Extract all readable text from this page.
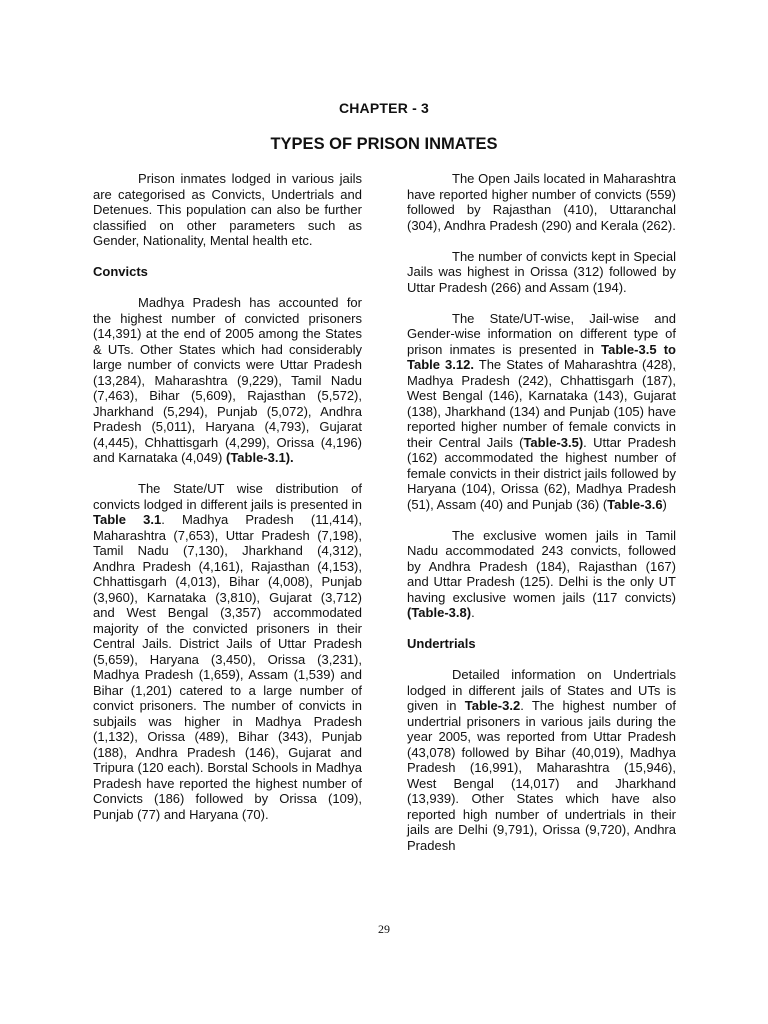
CHAPTER - 3
TYPES OF PRISON INMATES

Prison inmates lodged in various jails are categorised as Convicts, Undertrials and Detenues. This population can also be further classified on other parameters such as Gender, Nationality, Mental health etc.

Convicts

Madhya Pradesh has accounted for the highest number of convicted prisoners (14,391) at the end of 2005 among the States & UTs. Other States which had considerably large number of convicts were Uttar Pradesh (13,284), Maharashtra (9,229), Tamil Nadu (7,463), Bihar (5,609), Rajasthan (5,572), Jharkhand (5,294), Punjab (5,072), Andhra Pradesh (5,011), Haryana (4,793), Gujarat (4,445), Chhattisgarh (4,299), Orissa (4,196) and Karnataka (4,049) (Table-3.1).

The State/UT wise distribution of convicts lodged in different jails is presented in Table 3.1. Madhya Pradesh (11,414), Maharashtra (7,653), Uttar Pradesh (7,198), Tamil Nadu (7,130), Jharkhand (4,312), Andhra Pradesh (4,161), Rajasthan (4,153), Chhattisgarh (4,013), Bihar (4,008), Punjab (3,960), Karnataka (3,810), Gujarat (3,712) and West Bengal (3,357) accommodated majority of the convicted prisoners in their Central Jails. District Jails of Uttar Pradesh (5,659), Haryana (3,450), Orissa (3,231), Madhya Pradesh (1,659), Assam (1,539) and Bihar (1,201) catered to a large number of convict prisoners. The number of convicts in subjails was higher in Madhya Pradesh (1,132), Orissa (489), Bihar (343), Punjab (188), Andhra Pradesh (146), Gujarat and Tripura (120 each). Borstal Schools in Madhya Pradesh have reported the highest number of Convicts (186) followed by Orissa (109), Punjab (77) and Haryana (70).

The Open Jails located in Maharashtra have reported higher number of convicts (559) followed by Rajasthan (410), Uttaranchal (304), Andhra Pradesh (290) and Kerala (262).

The number of convicts kept in Special Jails was highest in Orissa (312) followed by Uttar Pradesh (266) and Assam (194).

The State/UT-wise, Jail-wise and Gender-wise information on different type of prison inmates is presented in Table-3.5 to Table 3.12. The States of Maharashtra (428), Madhya Pradesh (242), Chhattisgarh (187), West Bengal (146), Karnataka (143), Gujarat (138), Jharkhand (134) and Punjab (105) have reported higher number of female convicts in their Central Jails (Table-3.5). Uttar Pradesh (162) accommodated the highest number of female convicts in their district jails followed by Haryana (104), Orissa (62), Madhya Pradesh (51), Assam (40) and Punjab (36) (Table-3.6)

The exclusive women jails in Tamil Nadu accommodated 243 convicts, followed by Andhra Pradesh (184), Rajasthan (167) and Uttar Pradesh (125). Delhi is the only UT having exclusive women jails (117 convicts) (Table-3.8).

Undertrials

Detailed information on Undertrials lodged in different jails of States and UTs is given in Table-3.2. The highest number of undertrial prisoners in various jails during the year 2005, was reported from Uttar Pradesh (43,078) followed by Bihar (40,019), Madhya Pradesh (16,991), Maharashtra (15,946), West Bengal (14,017) and Jharkhand (13,939). Other States which have also reported high number of undertrials in their jails are Delhi (9,791), Orissa (9,720), Andhra Pradesh

29
